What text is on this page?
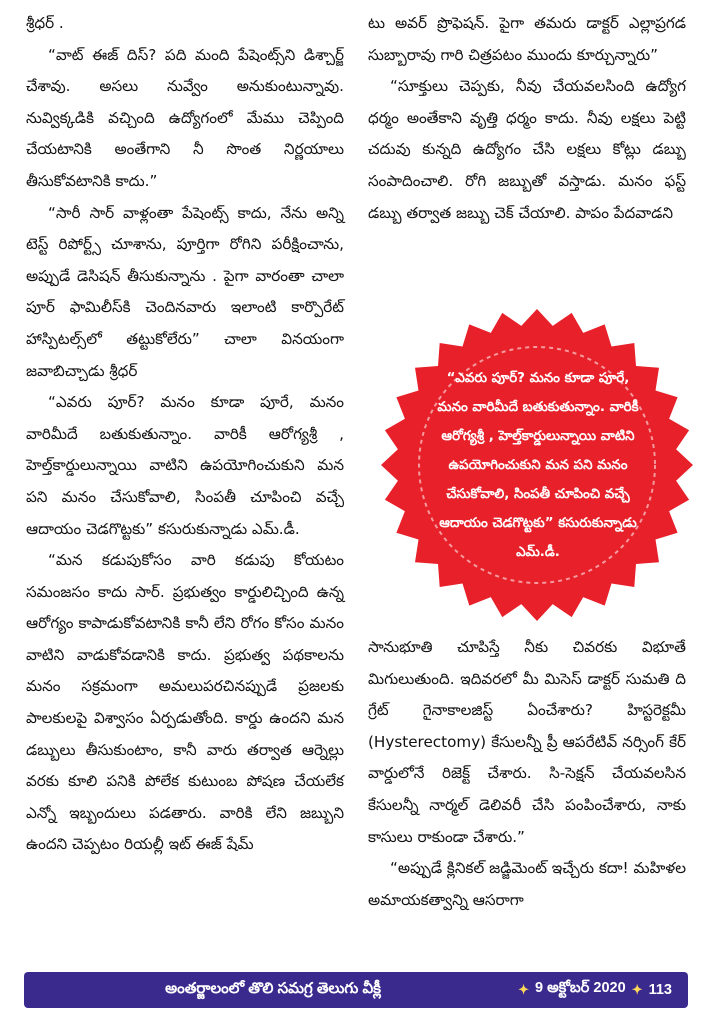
శ్రీధర్ .

“వాట్ ఈజ్ దిస్? పది మంది పేషెంట్స్‌ని డిశ్చార్జ్ చేశావు. అసలు నువ్వేం అనుకుంటున్నావు. నువ్విక్కడికి వచ్చింది ఉద్యోగంలో మేము చెప్పింది చేయటానికి అంతేగాని నీ సొంత నిర్ణయాలు తీసుకోవటానికి కాదు.”

“సారీ సార్ వాళ్లంతా పేషెంట్స్ కాదు, నేను అన్ని టెస్ట్ రిపోర్ట్స్ చూశాను, పూర్తిగా రోగిని పరీక్షించాను, అప్పుడే డెసిషన్ తీసుకున్నాను . పైగా వారంతా చాలా పూర్ ఫామిలీస్‌కి చెందినవారు ఇలాంటి కార్పొరేట్ హాస్పిటల్స్‌లో తట్టుకోలేరు” చాలా వినయంగా జవాబిచ్చాడు శ్రీధర్

“ఎవరు పూర్? మనం కూడా పూరే, మనం వారిమీదే బతుకుతున్నాం. వారికీ ఆరోగ్యశ్రీ , హెల్త్‌కార్డులున్నాయి వాటిని ఉపయోగించుకుని మన పని మనం చేసుకోవాలి, సింపతీ చూపించి వచ్చే ఆదాయం చెడగొట్టకు” కసురుకున్నాడు ఎమ్.డీ.

“మన కడుపుకోసం వారి కడుపు కోయటం సమంజసం కాదు సార్. ప్రభుత్వం కార్డులిచ్చింది ఉన్న ఆరోగ్యం కాపాడుకోవటానికి కానీ లేని రోగం కోసం మనం వాటిని వాడుకోవడానికి కాదు. ప్రభుత్వ పథకాలను మనం సక్రమంగా అమలుపరచినప్పుడే ప్రజలకు పాలకులపై విశ్వాసం ఏర్పడుతోంది. కార్డు ఉందని మన డబ్బులు తీసుకుంటాం, కానీ వారు తర్వాత ఆర్నెల్లు వరకు కూలి పనికి పోలేక కుటుంబ పోషణ చేయలేక ఎన్నో ఇబ్బందులు పడతారు. వారికి లేని జబ్బుని ఉందని చెప్పటం రియల్లీ ఇట్ ఈజ్ షేమ్

టు అవర్ ప్రొఫెషన్. పైగా తమరు డాక్టర్ ఎల్లాప్రగడ సుబ్బారావు గారి చిత్రపటం ముందు కూర్చున్నారు”

“సూక్తులు చెప్పకు, నీవు చేయవలసింది ఉద్యోగ ధర్మం అంతేకాని వృత్తి ధర్మం కాదు. నీవు లక్షలు పెట్టి చదువు కున్నది ఉద్యోగం చేసి లక్షలు కోట్లు డబ్బు సంపాదించాలి. రోగి జబ్బుతో వస్తాడు. మనం ఫస్ట్ డబ్బు తర్వాత జబ్బు చెక్ చేయాలి. పాపం పేదవాడని

“ఎవరు పూర్? మనం కూడా పూరే, మనం వారిమీదే బతుకుతున్నాం. వారికీ ఆరోగ్యశ్రీ , హెల్త్‌కార్డులున్నాయి వాటిని ఉపయోగించుకుని మన పని మనం చేసుకోవాలి, సింపతీ చూపించి వచ్చే ఆదాయం చెడగొట్టకు” కసురుకున్నాడు ఎమ్.డీ.

సానుభూతి చూపిస్తే నీకు చివరకు విభూతే మిగులుతుంది. ఇదివరలో మీ మిసెస్ డాక్టర్ సుమతి ది గ్రేట్ గైనాకాలజిస్ట్ ఏంచేశారు? హిస్టరెక్టమీ (Hysterectomy) కేసులన్నీ ప్రీ ఆపరేటివ్ నర్సింగ్ కేర్ వార్డులోనే రిజెక్ట్ చేశారు. సి-సెక్షన్ చేయవలసిన కేసులన్నీ నార్మల్ డెలివరీ చేసి పంపించేశారు, నాకు కాసులు రాకుండా చేశారు.”

“అప్పుడే క్లినికల్ జడ్జిమెంట్ ఇచ్చేరు కదా! మహిళల అమాయకత్వాన్ని ఆసరాగా

అంతర్జాలంలో తొలి సమగ్ర తెలుగు వీక్లీ	✦ 9 అక్టోబర్ 2020 ✦ 113
